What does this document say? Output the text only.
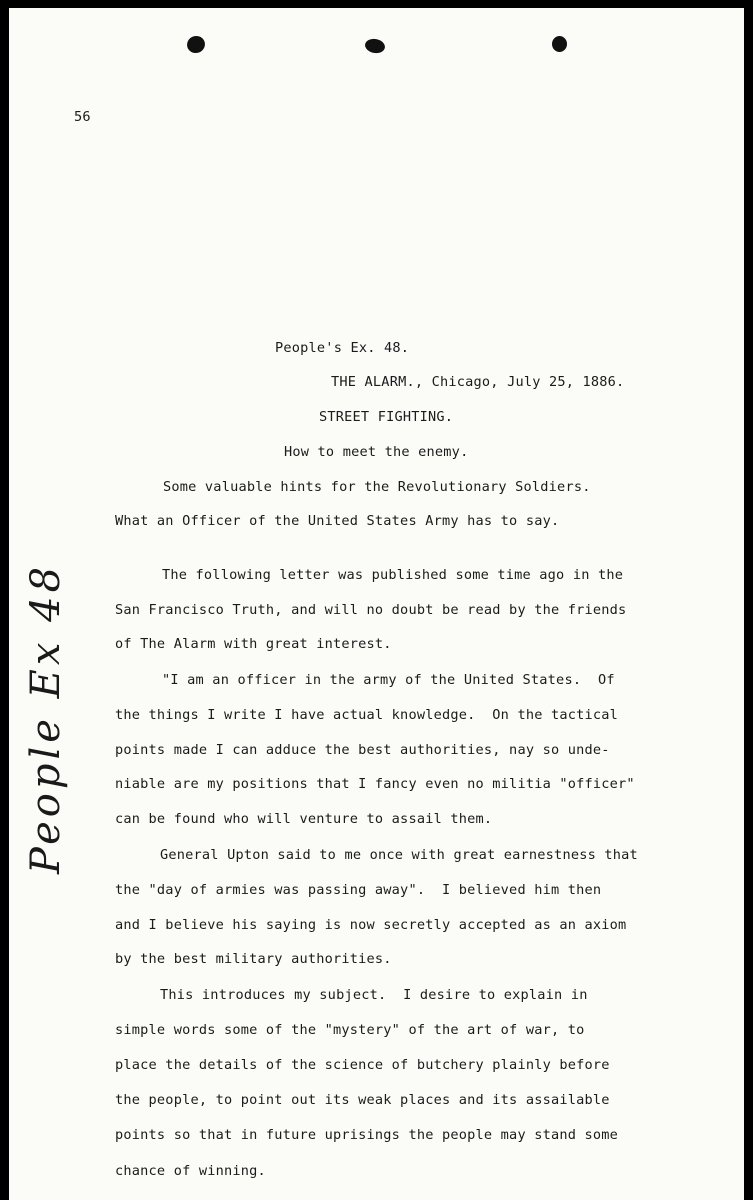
56
People's Ex. 48.
THE ALARM., Chicago, July 25, 1886.
STREET FIGHTING.
How to meet the enemy.
Some valuable hints for the Revolutionary Soldiers.
What an Officer of the United States Army has to say.
The following letter was published some time ago in the
San Francisco Truth, and will no doubt be read by the friends
of The Alarm with great interest.
"I am an officer in the army of the United States.  Of
the things I write I have actual knowledge.  On the tactical
points made I can adduce the best authorities, nay so unde-
niable are my positions that I fancy even no militia "officer"
can be found who will venture to assail them.
General Upton said to me once with great earnestness that
the "day of armies was passing away".  I believed him then
and I believe his saying is now secretly accepted as an axiom
by the best military authorities.
This introduces my subject.  I desire to explain in
simple words some of the "mystery" of the art of war, to
place the details of the science of butchery plainly before
the people, to point out its weak places and its assailable
points so that in future uprisings the people may stand some
chance of winning.
People Ex 48
